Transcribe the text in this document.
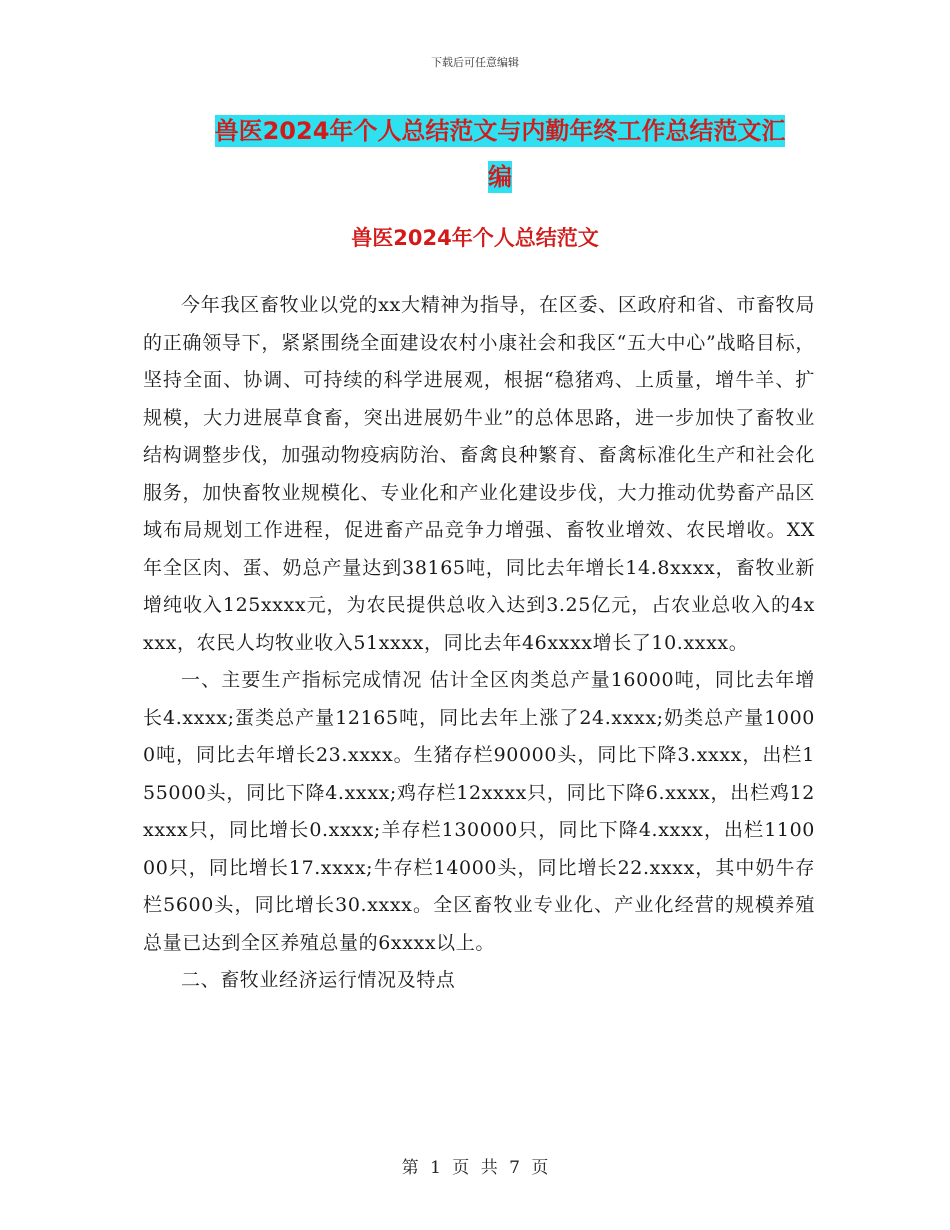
下载后可任意编辑
兽医2024年个人总结范文与内勤年终工作总结范文汇
编
兽医2024年个人总结范文

今年我区畜牧业以党的xx大精神为指导，在区委、区政府和省、市畜牧局的正确领导下，紧紧围绕全面建设农村小康社会和我区“五大中心”战略目标，坚持全面、协调、可持续的科学进展观，根据“稳猪鸡、上质量，增牛羊、扩规模，大力进展草食畜，突出进展奶牛业”的总体思路，进一步加快了畜牧业结构调整步伐，加强动物疫病防治、畜禽良种繁育、畜禽标准化生产和社会化服务，加快畜牧业规模化、专业化和产业化建设步伐，大力推动优势畜产品区域布局规划工作进程，促进畜产品竞争力增强、畜牧业增效、农民增收。XX年全区肉、蛋、奶总产量达到38165吨，同比去年增长14.8xxxx，畜牧业新增纯收入125xxxx元，为农民提供总收入达到3.25亿元，占农业总收入的4xxxx，农民人均牧业收入51xxxx，同比去年46xxxx增长了10.xxxx。

一、主要生产指标完成情况 估计全区肉类总产量16000吨，同比去年增长4.xxxx;蛋类总产量12165吨，同比去年上涨了24.xxxx;奶类总产量10000吨，同比去年增长23.xxxx。生猪存栏90000头，同比下降3.xxxx，出栏155000头，同比下降4.xxxx;鸡存栏12xxxx只，同比下降6.xxxx，出栏鸡12xxxx只，同比增长0.xxxx;羊存栏130000只，同比下降4.xxxx，出栏110000只，同比增长17.xxxx;牛存栏14000头，同比增长22.xxxx，其中奶牛存栏5600头，同比增长30.xxxx。全区畜牧业专业化、产业化经营的规模养殖总量已达到全区养殖总量的6xxxx以上。

二、畜牧业经济运行情况及特点

第 1 页 共 7 页
